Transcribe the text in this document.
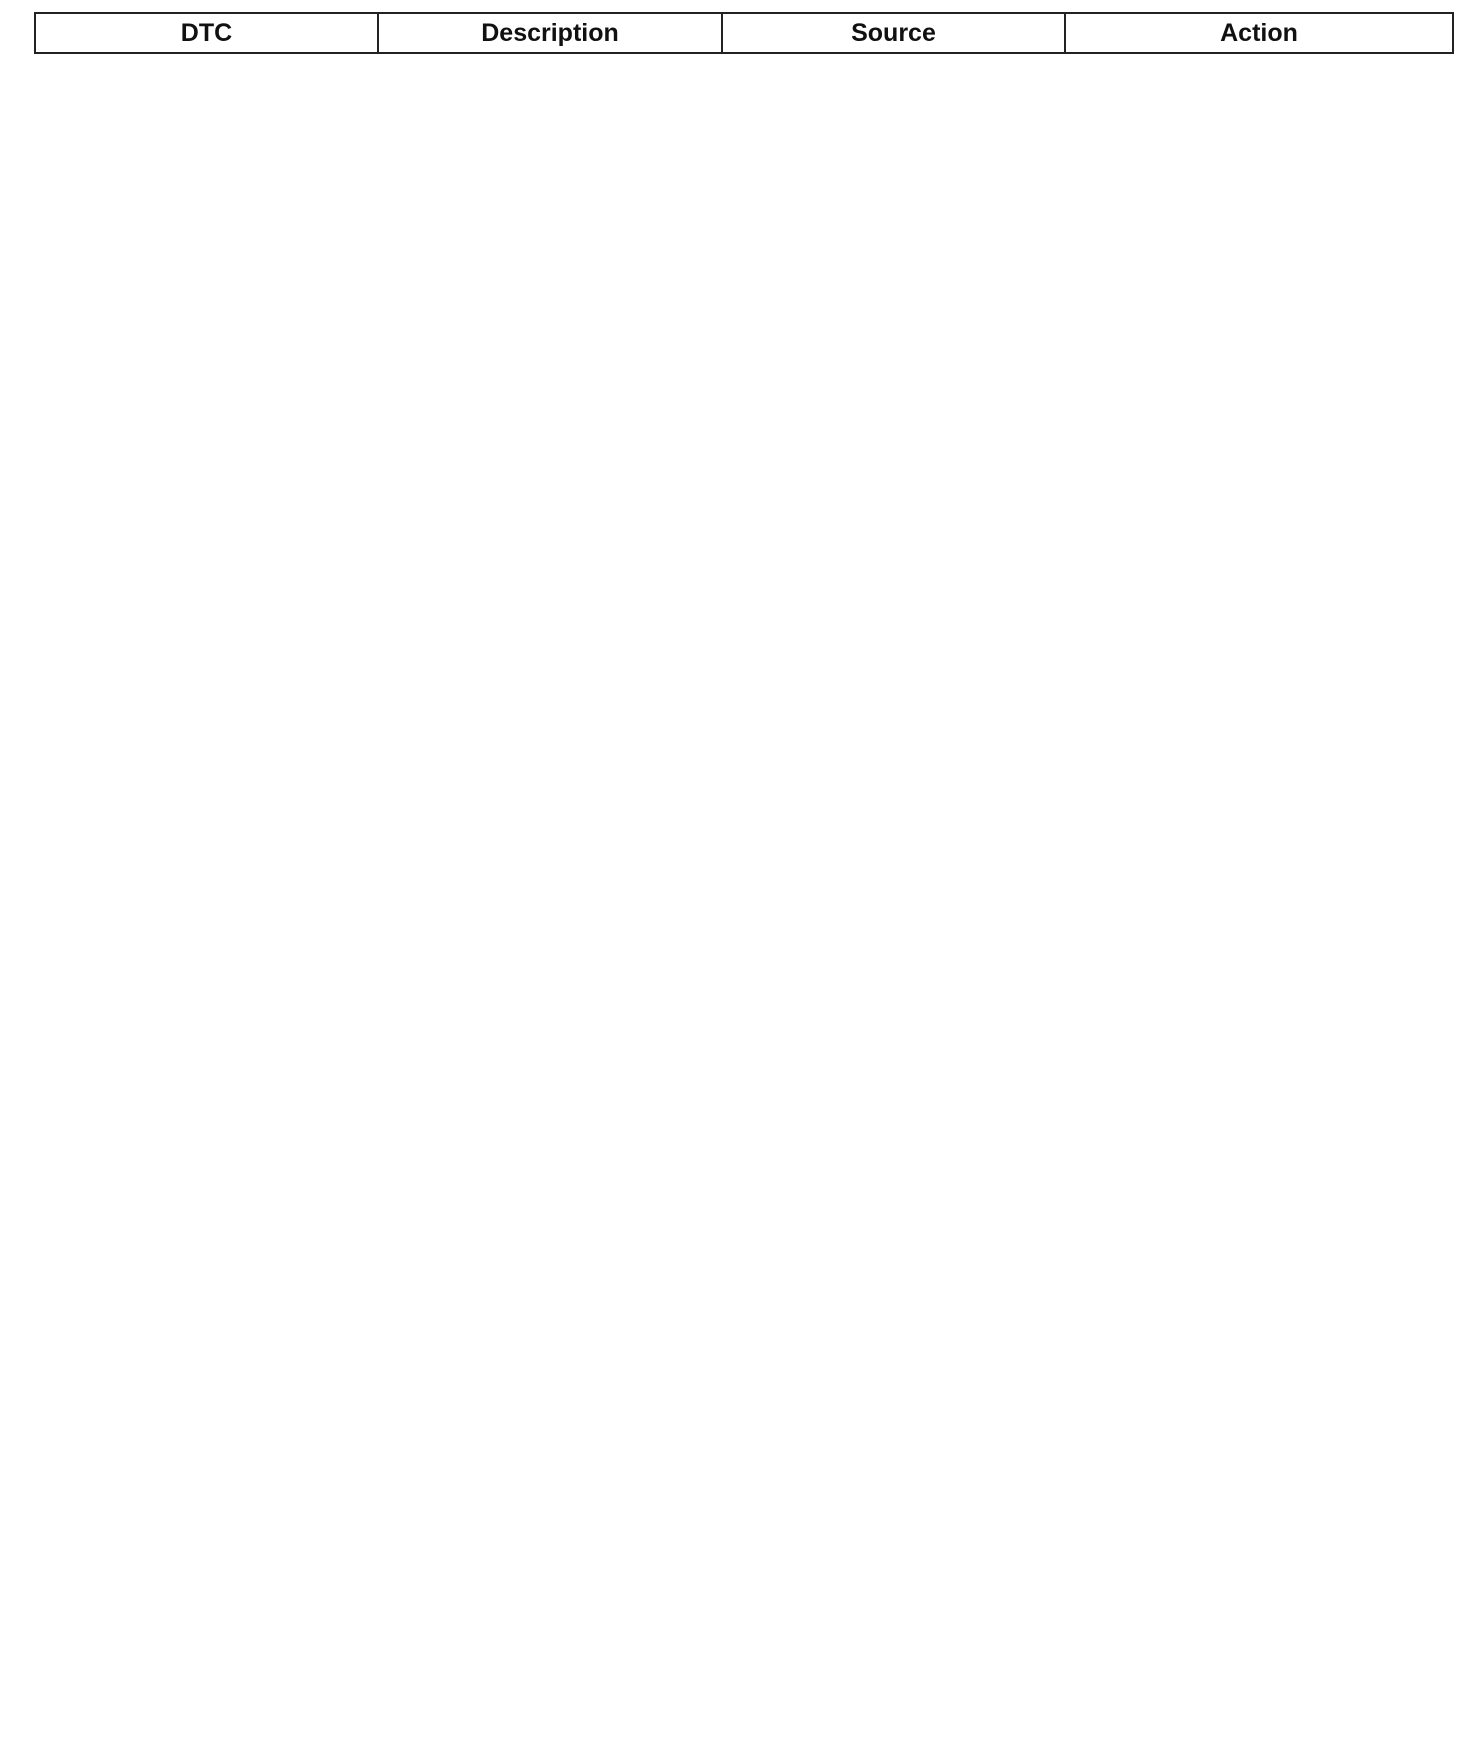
DTC	Description	Source	Action
